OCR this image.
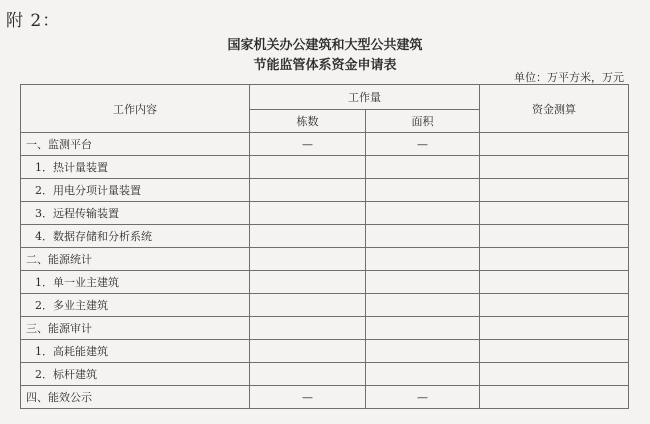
附 2：
国家机关办公建筑和大型公共建筑
节能监管体系资金申请表
单位：万平方米，万元
工作内容	工作量		资金测算
	栋数	面积	
一、监测平台	—	—	
1．热计量装置			
2．用电分项计量装置			
3．远程传输装置			
4．数据存储和分析系统			
二、能源统计			
1．单一业主建筑			
2．多业主建筑			
三、能源审计			
1．高耗能建筑			
2．标杆建筑			
四、能效公示	—	—	
